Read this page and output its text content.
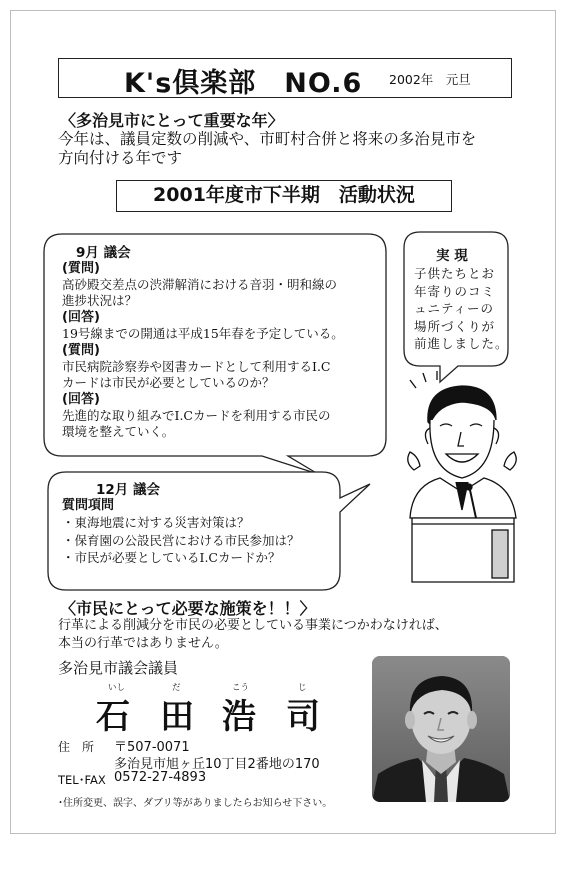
K's倶楽部　NO.6 2002年　元旦
〈多治見市にとって重要な年〉
今年は、議員定数の削減や、市町村合併と将来の多治見市を
方向付ける年です
2001年度市下半期　活動状況
9月 議会
(質問)
高砂殿交差点の渋滞解消における音羽・明和線の
進捗状況は？
(回答)
19号線までの開通は平成15年春を予定している。
(質問)
市民病院診察券や図書カードとして利用するI.C
カードは市民が必要としているのか？
(回答)
先進的な取り組みでI.Cカードを利用する市民の
環境を整えていく。
12月 議会
質問項問
・東海地震に対する災害対策は？
・保育園の公設民営における市民参加は？
・市民が必要としているI.Cカードか？
実 現
子供たちとお
年寄りのコミ
ュニティーの
場所づくりが
前進しました。
〈市民にとって必要な施策を！！〉
行革による削減分を市民の必要としている事業につかわなければ、
本当の行革ではありません。
多治見市議会議員
いし	だ	こう	じ
石 田 浩 司
住　所 〒507-0071
多治見市旭ヶ丘10丁目2番地の170
TEL･FAX 0572-27-4893
･住所変更、誤字、ダブリ等がありましたらお知らせ下さい。
